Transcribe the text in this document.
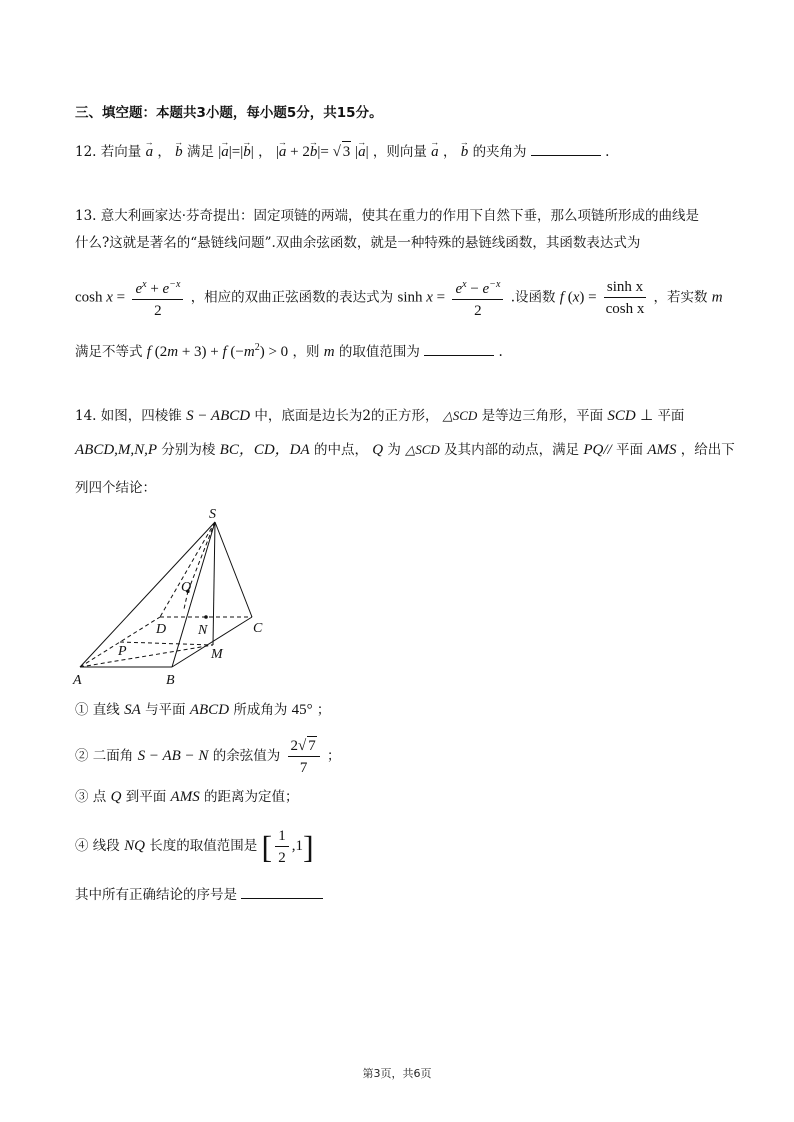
三、填空题：本题共3小题，每小题5分，共15分。
12. 若向量 → a ， → b 满足 |→ a|=|→ b| ， |→ a + 2→ b|= √ 3 |→ a| ，则向量 → a ， → b 的夹角为	.
13. 意大利画家达·芬奇提出：固定项链的两端，使其在重力的作用下自然下垂，那么项链所形成的曲线是
什么?这就是著名的“悬链线问题”.双曲余弦函数，就是一种特殊的悬链线函数，其函数表达式为
$\cosh x = \frac{e^x + e^{-x}}{2}$ ，相应的双曲正弦函数的表达式为 $\sinh x = \frac{e^x - e^{-x}}{2}$ .设函数 f $(x) = \frac{\text{sinh x}}{\text{cosh x}}$ ，若实数 m
满足不等式 f (2m + 3) + f $(-m^2) > 0$ ，则 m 的取值范围为	.
14. 如图，四棱锥 S − ABCD 中，底面是边长为2的正方形， △SCD 是等边三角形，平面 SCD ⊥ 平面
ABCD,M,N,P 分别为棱 BC，CD，DA 的中点， Q 为 △SCD 及其内部的动点，满足 PQ// 平面 AMS ，给出下
列四个结论：
S
Q
D N	C
P	M
A	B
① 直线 SA 与平面 ABCD 所成角为 45° ；
② 二面角 S − AB − N 的余弦值为 $\frac{2√ 7}{7}$ ；
③ 点 Q 到平面 AMS 的距离为定值；
④ 线段 NQ 长度的取值范围是 [ $\frac{1}{2} ,1$]
其中所有正确结论的序号是
第3页，共6页
